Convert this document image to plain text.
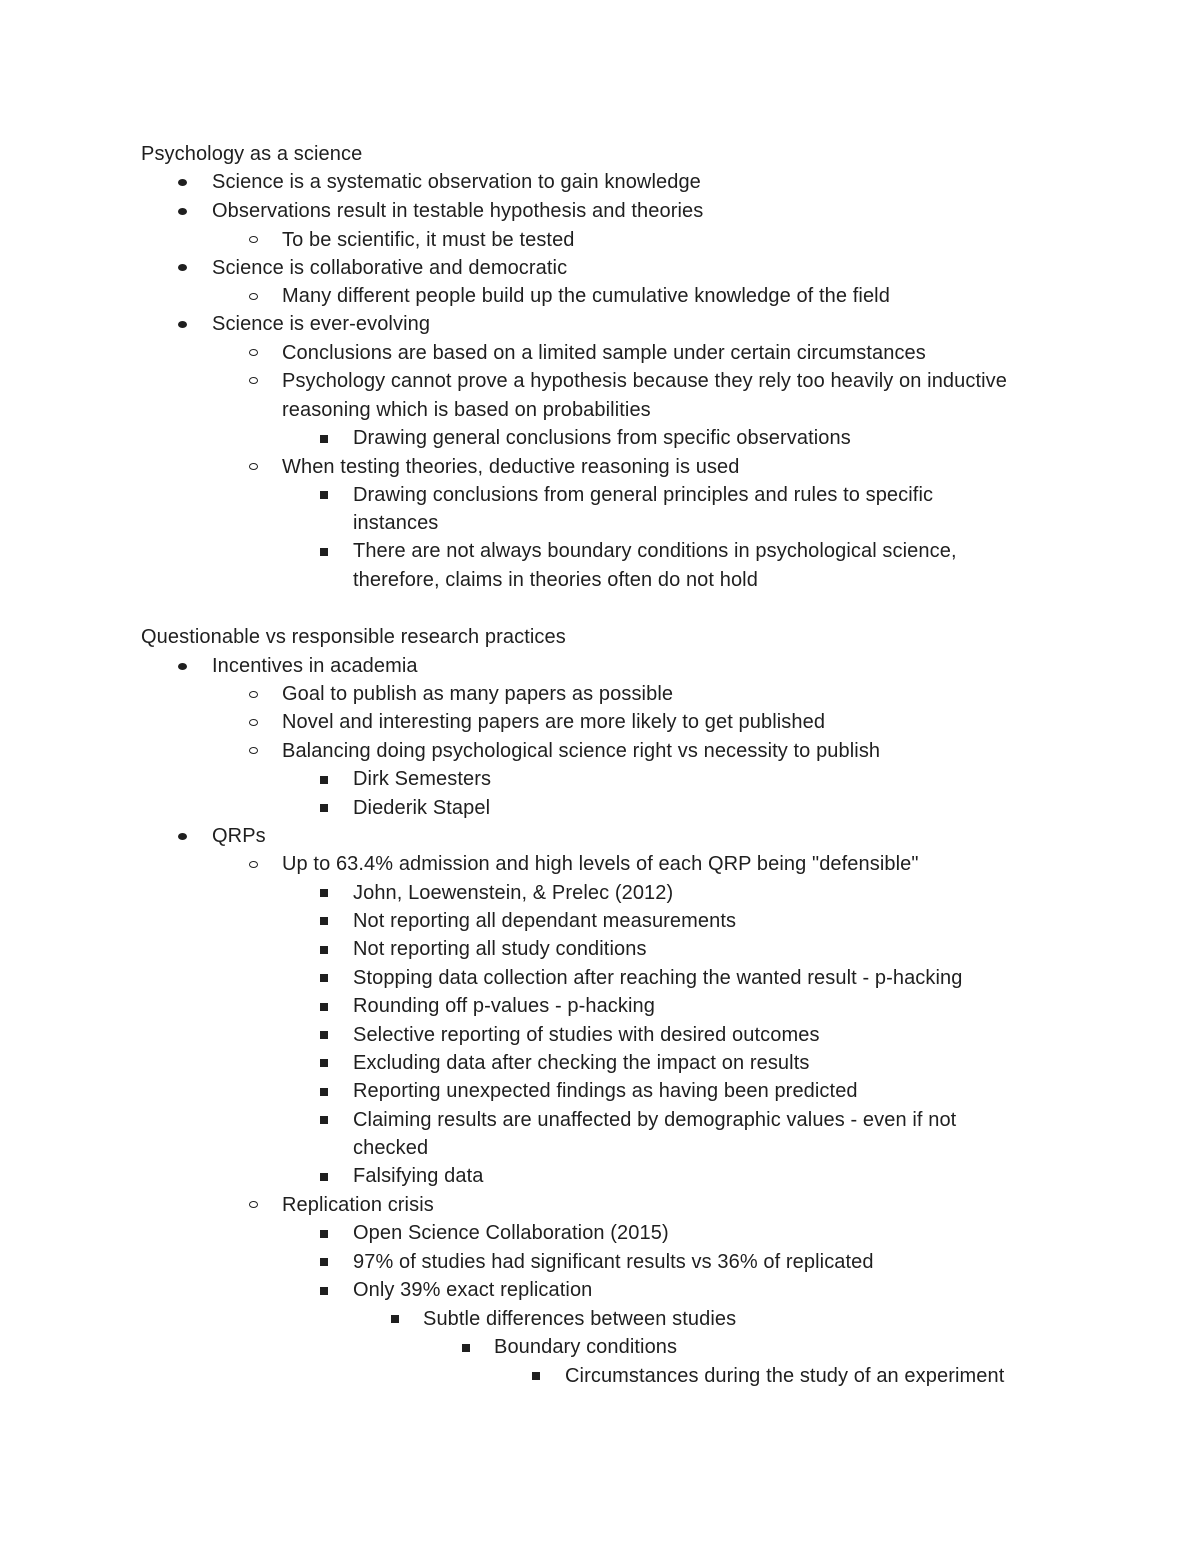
Psychology as a science
Science is a systematic observation to gain knowledge
Observations result in testable hypothesis and theories
To be scientific, it must be tested
Science is collaborative and democratic
Many different people build up the cumulative knowledge of the field
Science is ever-evolving
Conclusions are based on a limited sample under certain circumstances
Psychology cannot prove a hypothesis because they rely too heavily on inductive
reasoning which is based on probabilities
Drawing general conclusions from specific observations
When testing theories, deductive reasoning is used
Drawing conclusions from general principles and rules to specific
instances
There are not always boundary conditions in psychological science,
therefore, claims in theories often do not hold
Questionable vs responsible research practices
Incentives in academia
Goal to publish as many papers as possible
Novel and interesting papers are more likely to get published
Balancing doing psychological science right vs necessity to publish
Dirk Semesters
Diederik Stapel
QRPs
Up to 63.4% admission and high levels of each QRP being "defensible"
John, Loewenstein, & Prelec (2012)
Not reporting all dependant measurements
Not reporting all study conditions
Stopping data collection after reaching the wanted result - p-hacking
Rounding off p-values - p-hacking
Selective reporting of studies with desired outcomes
Excluding data after checking the impact on results
Reporting unexpected findings as having been predicted
Claiming results are unaffected by demographic values - even if not
checked
Falsifying data
Replication crisis
Open Science Collaboration (2015)
97% of studies had significant results vs 36% of replicated
Only 39% exact replication
Subtle differences between studies
Boundary conditions
Circumstances during the study of an experiment
